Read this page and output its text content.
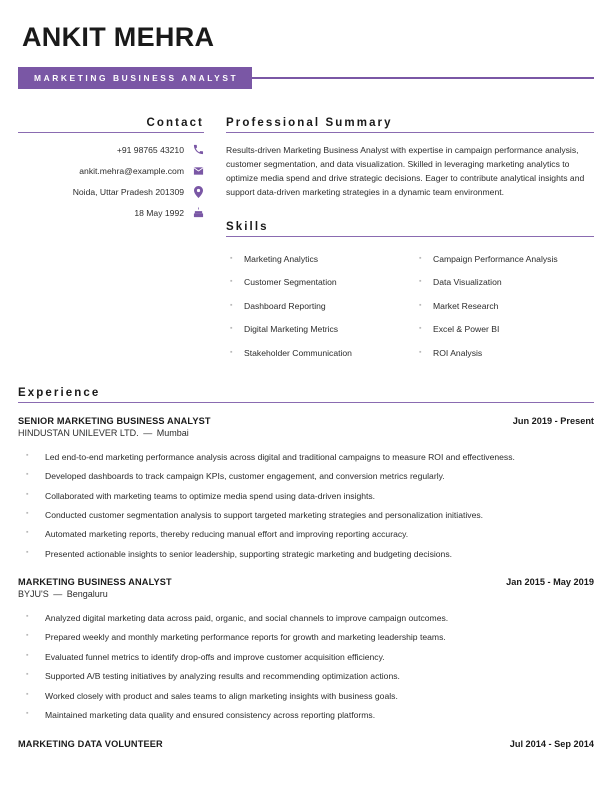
ANKIT MEHRA
MARKETING BUSINESS ANALYST
Contact
+91 98765 43210
ankit.mehra@example.com
Noida, Uttar Pradesh 201309
18 May 1992
Professional Summary
Results-driven Marketing Business Analyst with expertise in campaign performance analysis, customer segmentation, and data visualization. Skilled in leveraging marketing analytics to optimize media spend and drive strategic decisions. Eager to contribute analytical insights and support data-driven marketing strategies in a dynamic team environment.
Skills
▪	Marketing Analytics	▪	Campaign Performance Analysis
▪	Customer Segmentation	▪	Data Visualization
▪	Dashboard Reporting	▪	Market Research
▪	Digital Marketing Metrics	▪	Excel & Power BI
▪	Stakeholder Communication	▪	ROI Analysis
Experience
SENIOR MARKETING BUSINESS ANALYST	Jun 2019 - Present
HINDUSTAN UNILEVER LTD. — Mumbai
▪	Led end-to-end marketing performance analysis across digital and traditional campaigns to measure ROI and effectiveness.
▪	Developed dashboards to track campaign KPIs, customer engagement, and conversion metrics regularly.
▪	Collaborated with marketing teams to optimize media spend using data-driven insights.
▪	Conducted customer segmentation analysis to support targeted marketing strategies and personalization initiatives.
▪	Automated marketing reports, thereby reducing manual effort and improving reporting accuracy.
▪	Presented actionable insights to senior leadership, supporting strategic marketing and budgeting decisions.
MARKETING BUSINESS ANALYST	Jan 2015 - May 2019
BYJU'S — Bengaluru
▪	Analyzed digital marketing data across paid, organic, and social channels to improve campaign outcomes.
▪	Prepared weekly and monthly marketing performance reports for growth and marketing leadership teams.
▪	Evaluated funnel metrics to identify drop-offs and improve customer acquisition efficiency.
▪	Supported A/B testing initiatives by analyzing results and recommending optimization actions.
▪	Worked closely with product and sales teams to align marketing insights with business goals.
▪	Maintained marketing data quality and ensured consistency across reporting platforms.
MARKETING DATA VOLUNTEER	Jul 2014 - Sep 2014
